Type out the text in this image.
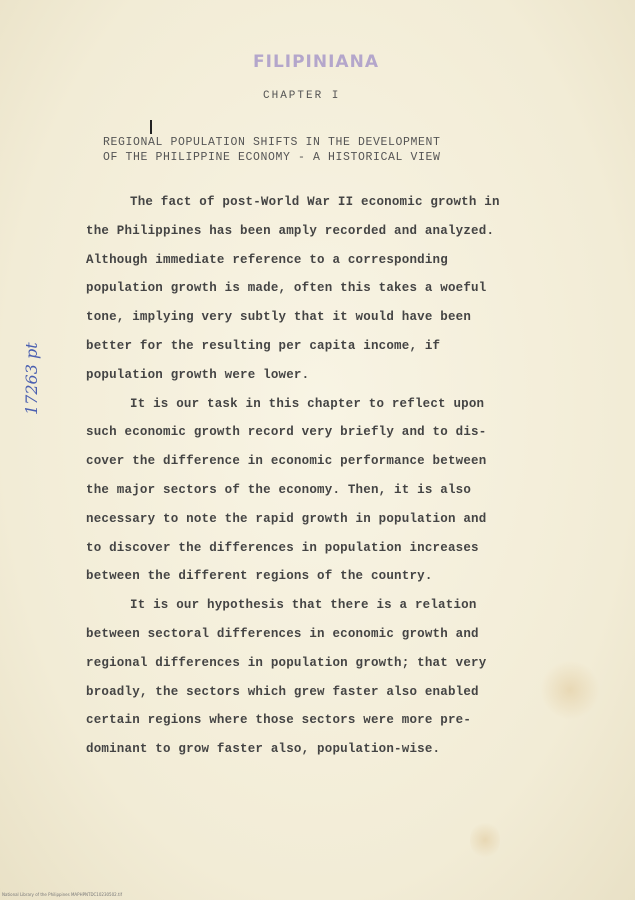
FILIPINIANA
CHAPTER I
REGIONAL POPULATION SHIFTS IN THE DEVELOPMENT
OF THE PHILIPPINE ECONOMY - A HISTORICAL VIEW
The fact of post-World War II economic growth in
the Philippines has been amply recorded and analyzed.
Although immediate reference to a corresponding
population growth is made, often this takes a woeful
tone, implying very subtly that it would have been
better for the resulting per capita income, if
population growth were lower.
It is our task in this chapter to reflect upon
such economic growth record very briefly and to dis-
cover the difference in economic performance between
the major sectors of the economy. Then, it is also
necessary to note the rapid growth in population and
to discover the differences in population increases
between the different regions of the country.
It is our hypothesis that there is a relation
between sectoral differences in economic growth and
regional differences in population growth; that very
broadly, the sectors which grew faster also enabled
certain regions where those sectors were more pre-
dominant to grow faster also, population-wise.
17263 pt
National Library of the Philippines MAPHPNTDC10230502.tif
